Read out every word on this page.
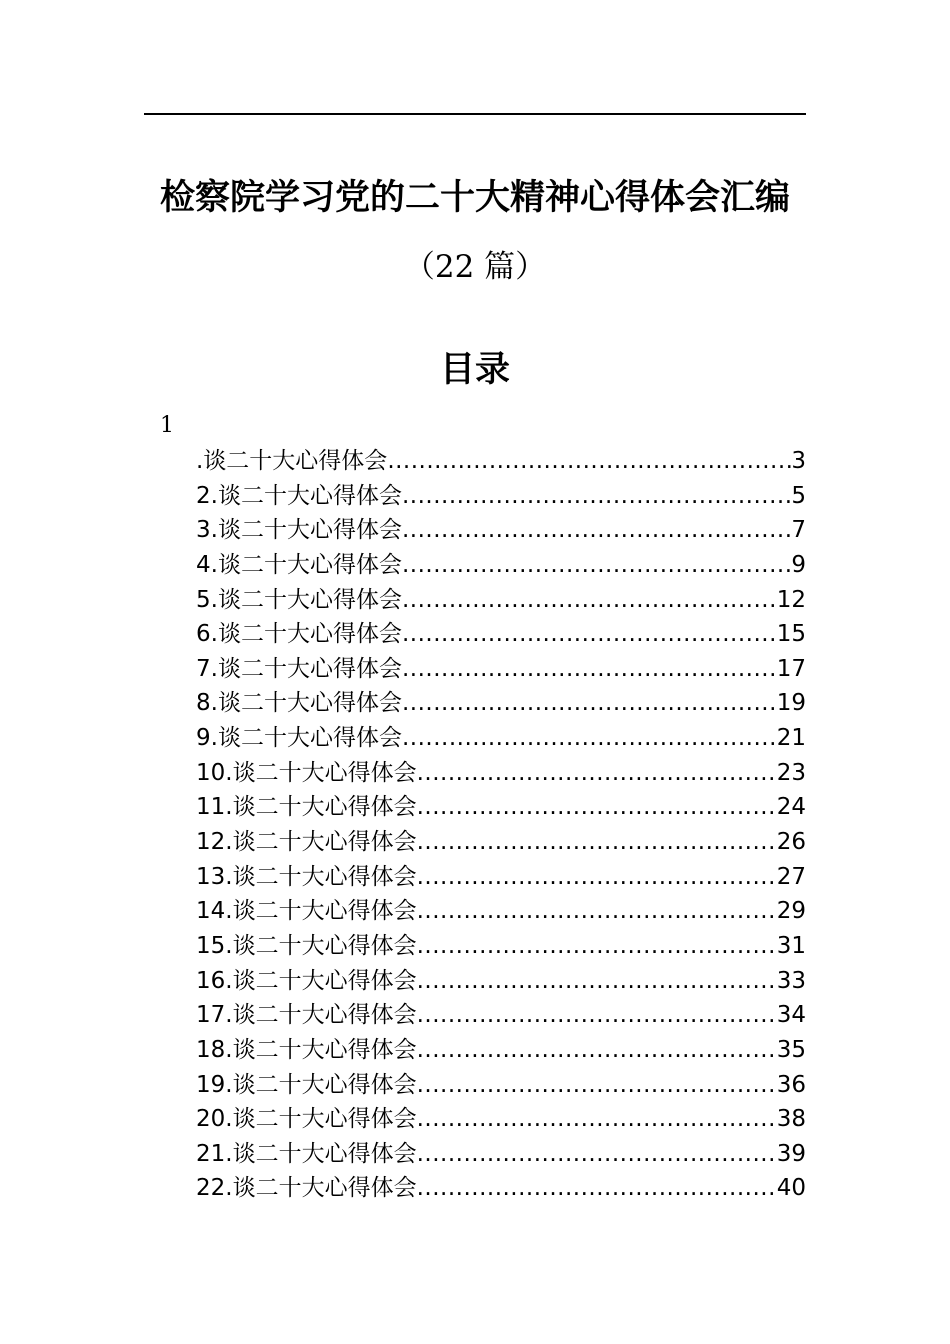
检察院学习党的二十大精神心得体会汇编
（22 篇）
目录
1
.谈二十大心得体会 .....	3
2.谈二十大心得体会 .....	5
3.谈二十大心得体会 .....	7
4.谈二十大心得体会 .....	9
5.谈二十大心得体会 .....	12
6.谈二十大心得体会 .....	15
7.谈二十大心得体会 .....	17
8.谈二十大心得体会 .....	19
9.谈二十大心得体会 .....	21
10.谈二十大心得体会 .....	23
11.谈二十大心得体会 .....	24
12.谈二十大心得体会 .....	26
13.谈二十大心得体会 .....	27
14.谈二十大心得体会 .....	29
15.谈二十大心得体会 .....	31
16.谈二十大心得体会 .....	33
17.谈二十大心得体会 .....	34
18.谈二十大心得体会 .....	35
19.谈二十大心得体会 .....	36
20.谈二十大心得体会 .....	38
21.谈二十大心得体会 .....	39
22.谈二十大心得体会 .....	40
